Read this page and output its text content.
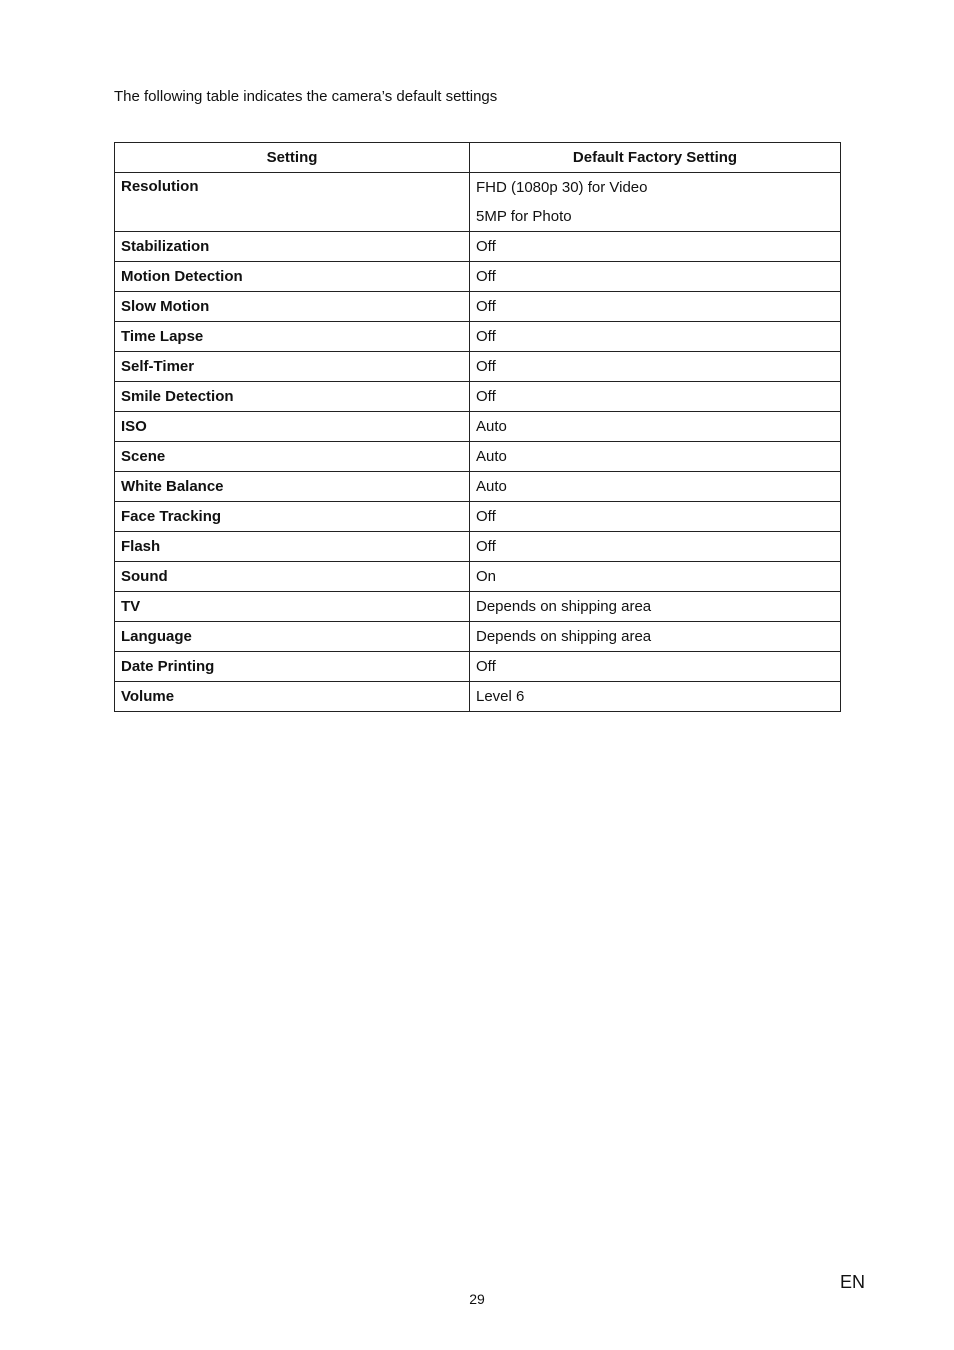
The following table indicates the camera’s default settings

Setting	Default Factory Setting
Resolution	FHD (1080p 30) for Video
5MP for Photo

Stabilization	Off
Motion Detection	Off
Slow Motion	Off
Time Lapse	Off
Self-Timer	Off
Smile Detection	Off
ISO	Auto
Scene	Auto
White Balance	Auto
Face Tracking	Off
Flash	Off
Sound	On
TV	Depends on shipping area
Language	Depends on shipping area
Date Printing	Off
Volume	Level 6
29
EN
